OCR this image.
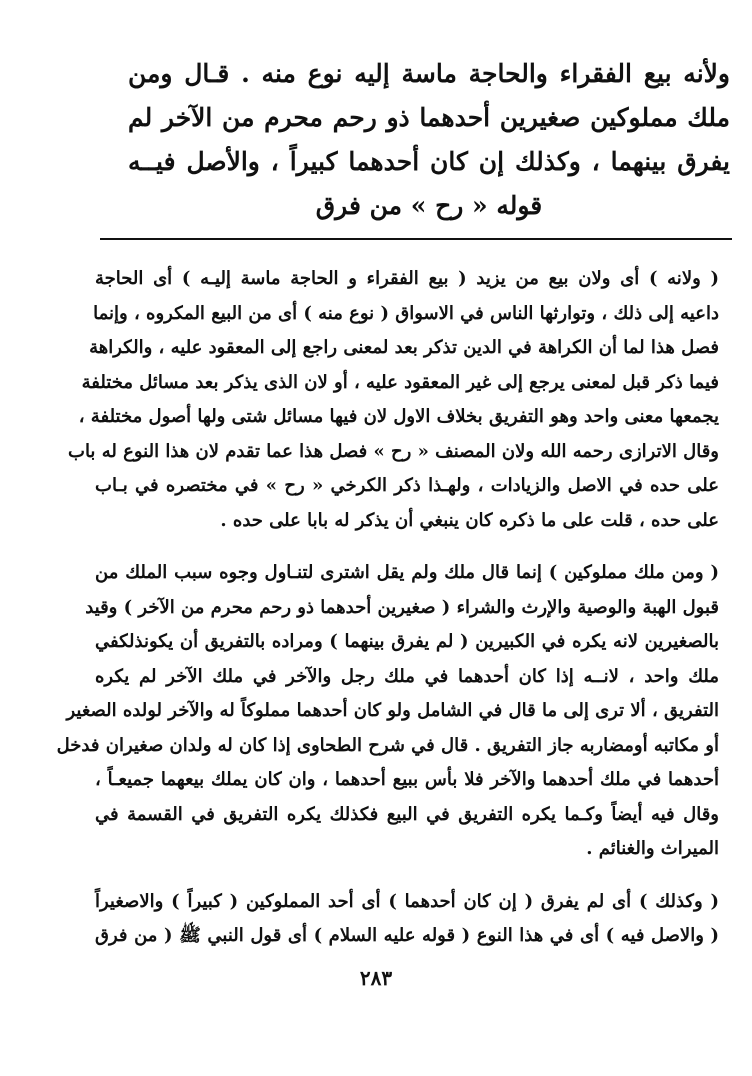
ولأنه بيع الفقراء والحاجة ماسة إليه نوع منه . قـال ومن
ملك مملوكين صغيرين أحدهما ذو رحم محرم من الآخر لم
يفرق بينهما ، وكذلك إن كان أحدهما كبيراً ، والأصل فيــه
قوله « رح » من فرق
( ولانه ) أى ولان بيع من يزيد ( بيع الفقراء و الحاجة ماسة إليـه ) أى الحاجة
داعيه إلى ذلك ، وتوارثها الناس في الاسواق ( نوع منه ) أى من البيع المكروه ، وإنما
فصل هذا لما أن الكراهة في الدين تذكر بعد لمعنى راجع إلى المعقود عليه ، والكراهة
فيما ذكر قبل لمعنى يرجع إلى غير المعقود عليه ، أو لان الذى يذكر بعد مسائل مختلفة
يجمعها معنى واحد وهو التفريق بخلاف الاول لان فيها مسائل شتى ولها أصول مختلفة ،
وقال الاترازى رحمه الله ولان المصنف « رح » فصل هذا عما تقدم لان هذا النوع له باب
على حده في الاصل والزيادات ، ولهـذا ذكر الكرخي « رح » في مختصره في بـاب
على حده ، قلت على ما ذكره كان ينبغي أن يذكر له بابا على حده .
( ومن ملك مملوكين ) إنما قال ملك ولم يقل اشترى لتنـاول وجوه سبب الملك من
قبول الهبة والوصية والإرث والشراء ( صغيرين أحدهما ذو رحم محرم من الآخر ) وقيد
بالصغيرين لانه يكره في الكبيرين ( لم يفرق بينهما ) ومراده بالتفريق أن يكونذلكفي
ملك واحد ، لانــه إذا كان أحدهما في ملك رجل والآخر في ملك الآخر لم يكره
التفريق ، ألا ترى إلى ما قال في الشامل ولو كان أحدهما مملوكاً له والآخر لولده الصغير
أو مكاتبه أومضاربه جاز التفريق . قال في شرح الطحاوى إذا كان له ولدان صغيران فدخل
أحدهما في ملك أحدهما والآخر فلا بأس ببيع أحدهما ، وان كان يملك بيعهما جميعـاً ،
وقال فيه أيضاً وكـما يكره التفريق في البيع فكذلك يكره التفريق في القسمة في
الميراث والغنائم .
( وكذلك ) أى لم يفرق ( إن كان أحدهما ) أى أحد المملوكين ( كبيراً ) والاصغيراً
( والاصل فيه ) أى في هذا النوع ( قوله عليه السلام ) أى قول النبي ﷺ ( من فرق
٢٨٣
